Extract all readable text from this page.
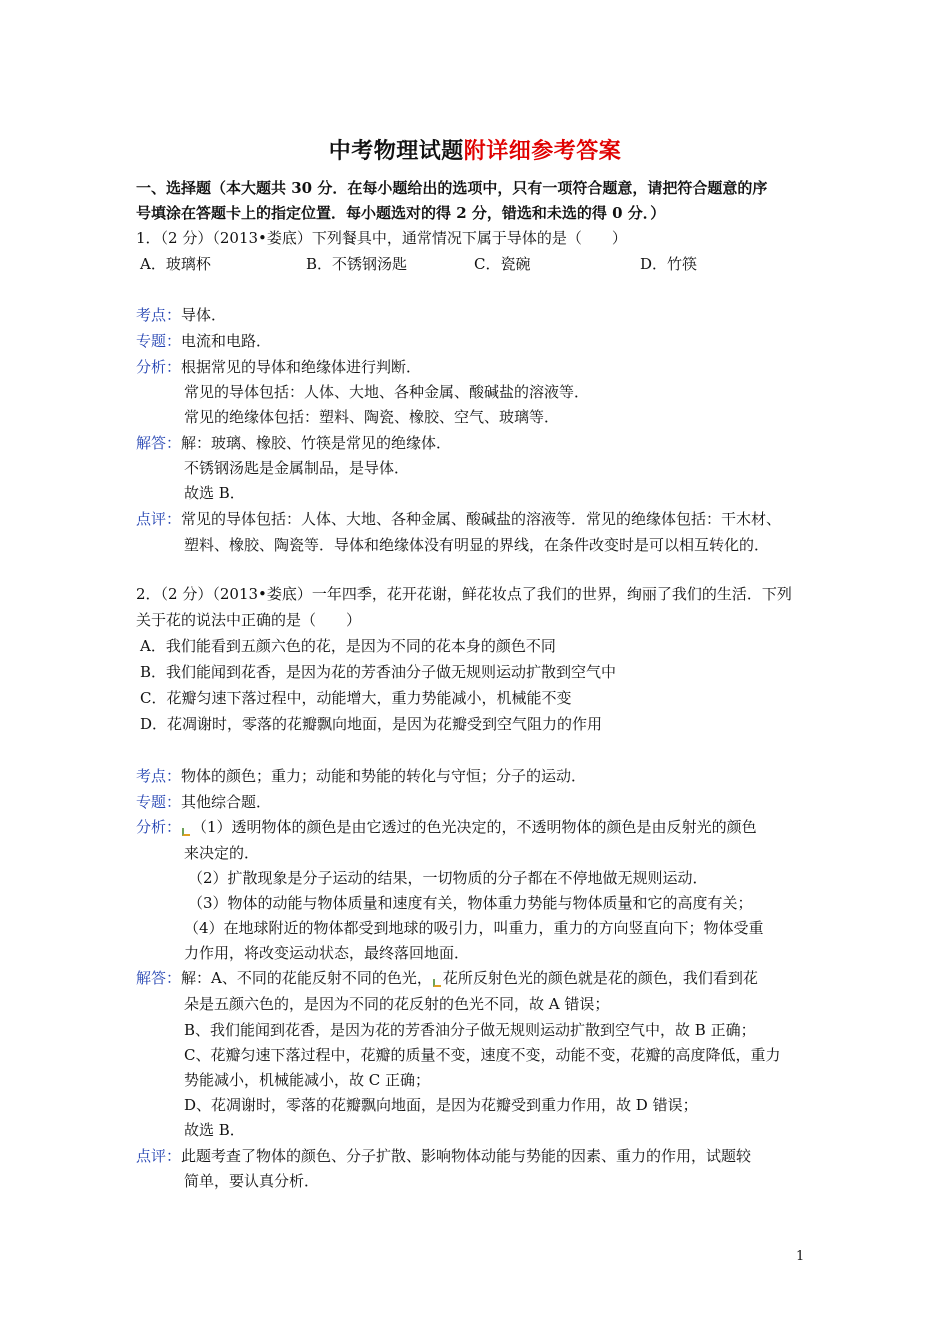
中考物理试题附详细参考答案
一、选择题（本大题共 30 分．在每小题给出的选项中，只有一项符合题意，请把符合题意的序
号填涂在答题卡上的指定位置．每小题选对的得 2 分，错选和未选的得 0 分．）
1．（2 分）（2013•娄底）下列餐具中，通常情况下属于导体的是（　　）
A．玻璃杯	B．不锈钢汤匙	C．瓷碗	D．竹筷
考点：导体．
专题：电流和电路．
分析：根据常见的导体和绝缘体进行判断．
常见的导体包括：人体、大地、各种金属、酸碱盐的溶液等．
常见的绝缘体包括：塑料、陶瓷、橡胶、空气、玻璃等．
解答：解：玻璃、橡胶、竹筷是常见的绝缘体．
不锈钢汤匙是金属制品，是导体．
故选 B．
点评：常见的导体包括：人体、大地、各种金属、酸碱盐的溶液等．常见的绝缘体包括：干木材、
塑料、橡胶、陶瓷等．导体和绝缘体没有明显的界线，在条件改变时是可以相互转化的．
2．（2 分）（2013•娄底）一年四季，花开花谢，鲜花妆点了我们的世界，绚丽了我们的生活．下列
关于花的说法中正确的是（　　）
A．我们能看到五颜六色的花，是因为不同的花本身的颜色不同
B．我们能闻到花香，是因为花的芳香油分子做无规则运动扩散到空气中
C．花瓣匀速下落过程中，动能增大，重力势能减小，机械能不变
D．花凋谢时，零落的花瓣飘向地面，是因为花瓣受到空气阻力的作用
考点：物体的颜色；重力；动能和势能的转化与守恒；分子的运动．
专题：其他综合题．
分析： （1）透明物体的颜色是由它透过的色光决定的，不透明物体的颜色是由反射光的颜色
来决定的．
（2）扩散现象是分子运动的结果，一切物质的分子都在不停地做无规则运动．
（3）物体的动能与物体质量和速度有关，物体重力势能与物体质量和它的高度有关；
（4）在地球附近的物体都受到地球的吸引力，叫重力，重力的方向竖直向下；物体受重
力作用，将改变运动状态，最终落回地面．
解答：解：A、不同的花能反射不同的色光， 花所反射色光的颜色就是花的颜色，我们看到花
朵是五颜六色的，是因为不同的花反射的色光不同，故 A 错误；
B、我们能闻到花香，是因为花的芳香油分子做无规则运动扩散到空气中，故 B 正确；
C、花瓣匀速下落过程中，花瓣的质量不变，速度不变，动能不变，花瓣的高度降低，重力
势能减小，机械能减小，故 C 正确；
D、花凋谢时，零落的花瓣飘向地面，是因为花瓣受到重力作用，故 D 错误；
故选 B．
点评：此题考查了物体的颜色、分子扩散、影响物体动能与势能的因素、重力的作用，试题较
简单，要认真分析．
1
